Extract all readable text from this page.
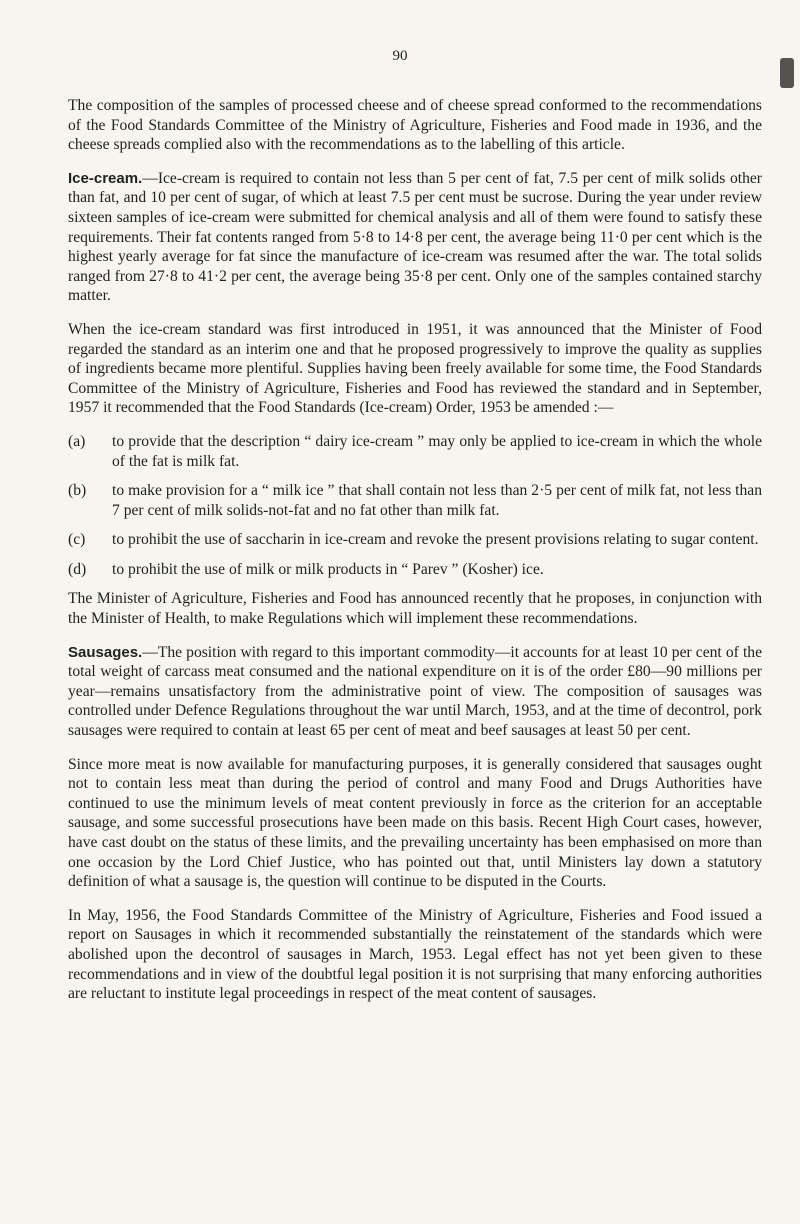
90

The composition of the samples of processed cheese and of cheese spread conformed to the recommendations of the Food Standards Committee of the Ministry of Agriculture, Fisheries and Food made in 1936, and the cheese spreads complied also with the recommendations as to the labelling of this article.

Ice-cream.—Ice-cream is required to contain not less than 5 per cent of fat, 7.5 per cent of milk solids other than fat, and 10 per cent of sugar, of which at least 7.5 per cent must be sucrose. During the year under review sixteen samples of ice-cream were submitted for chemical analysis and all of them were found to satisfy these requirements. Their fat contents ranged from 5·8 to 14·8 per cent, the average being 11·0 per cent which is the highest yearly average for fat since the manufacture of ice-cream was resumed after the war. The total solids ranged from 27·8 to 41·2 per cent, the average being 35·8 per cent. Only one of the samples contained starchy matter.

When the ice-cream standard was first introduced in 1951, it was announced that the Minister of Food regarded the standard as an interim one and that he proposed progressively to improve the quality as supplies of ingredients became more plentiful. Supplies having been freely available for some time, the Food Standards Committee of the Ministry of Agriculture, Fisheries and Food has reviewed the standard and in September, 1957 it recommended that the Food Standards (Ice-cream) Order, 1953 be amended :—

(a)	to provide that the description “ dairy ice-cream ” may only be applied to ice-cream in which the whole of the fat is milk fat.
(b)	to make provision for a “ milk ice ” that shall contain not less than 2·5 per cent of milk fat, not less than 7 per cent of milk solids-not-fat and no fat other than milk fat.
(c)	to prohibit the use of saccharin in ice-cream and revoke the present provisions relating to sugar content.
(d)	to prohibit the use of milk or milk products in “ Parev ” (Kosher) ice.

The Minister of Agriculture, Fisheries and Food has announced recently that he proposes, in conjunction with the Minister of Health, to make Regulations which will implement these recommendations.

Sausages.—The position with regard to this important commodity—it accounts for at least 10 per cent of the total weight of carcass meat consumed and the national expenditure on it is of the order £80—90 millions per year—remains unsatisfactory from the administrative point of view. The composition of sausages was controlled under Defence Regulations throughout the war until March, 1953, and at the time of decontrol, pork sausages were required to contain at least 65 per cent of meat and beef sausages at least 50 per cent.

Since more meat is now available for manufacturing purposes, it is generally considered that sausages ought not to contain less meat than during the period of control and many Food and Drugs Authorities have continued to use the minimum levels of meat content previously in force as the criterion for an acceptable sausage, and some successful prosecutions have been made on this basis. Recent High Court cases, however, have cast doubt on the status of these limits, and the prevailing uncertainty has been emphasised on more than one occasion by the Lord Chief Justice, who has pointed out that, until Ministers lay down a statutory definition of what a sausage is, the question will continue to be disputed in the Courts.

In May, 1956, the Food Standards Committee of the Ministry of Agriculture, Fisheries and Food issued a report on Sausages in which it recommended substantially the reinstatement of the standards which were abolished upon the decontrol of sausages in March, 1953. Legal effect has not yet been given to these recommendations and in view of the doubtful legal position it is not surprising that many enforcing authorities are reluctant to institute legal proceedings in respect of the meat content of sausages.
